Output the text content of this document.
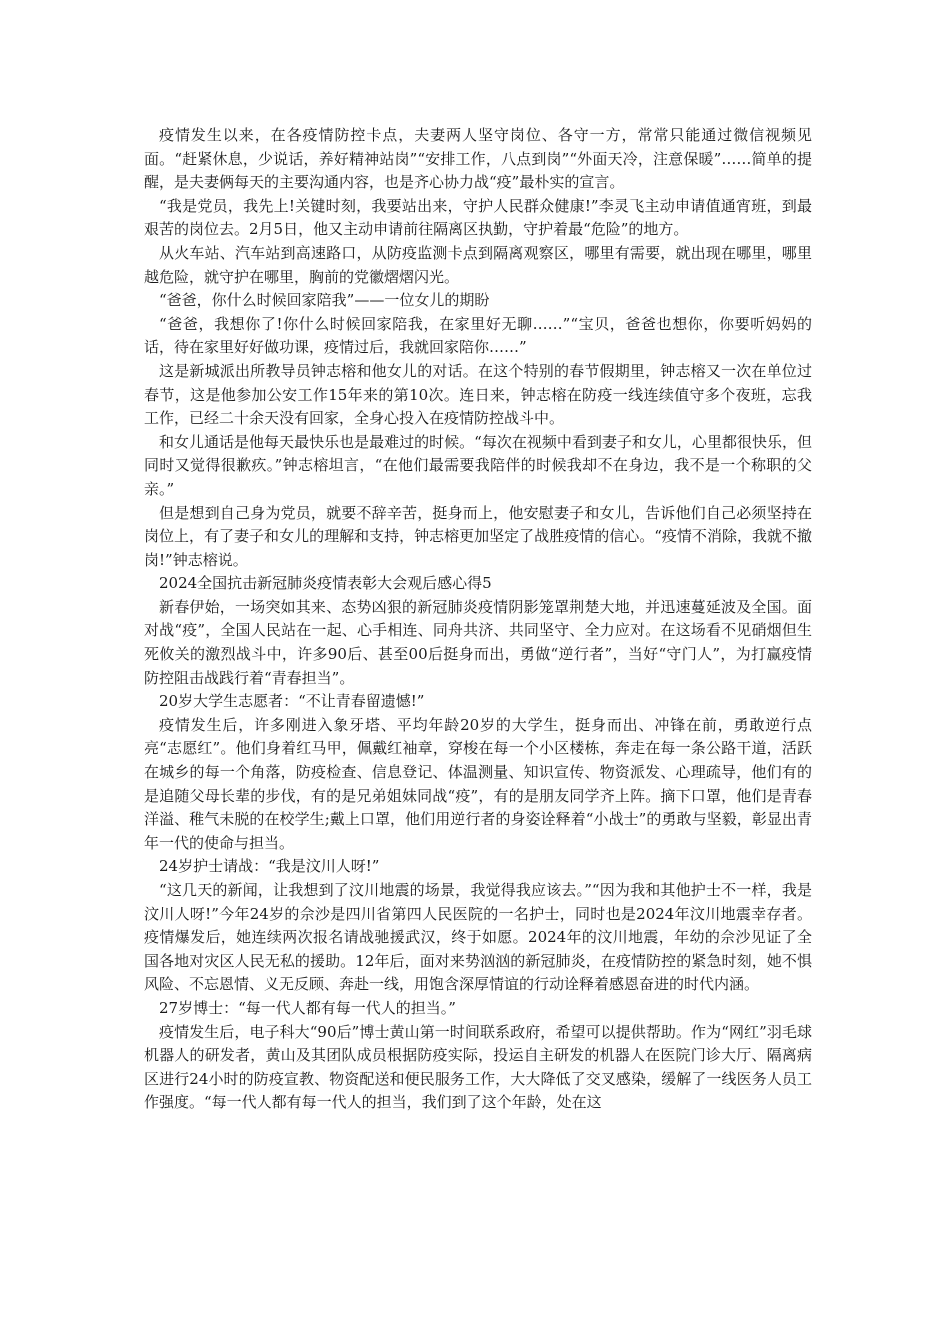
疫情发生以来，在各疫情防控卡点，夫妻两人坚守岗位、各守一方，常常只能通过微信视频见面。“赶紧休息，少说话，养好精神站岗”“安排工作，八点到岗”“外面天冷，注意保暖”……简单的提醒，是夫妻俩每天的主要沟通内容，也是齐心协力战“疫”最朴实的宣言。

“我是党员，我先上!关键时刻，我要站出来，守护人民群众健康!”李灵飞主动申请值通宵班，到最艰苦的岗位去。2月5日，他又主动申请前往隔离区执勤，守护着最“危险”的地方。

从火车站、汽车站到高速路口，从防疫监测卡点到隔离观察区，哪里有需要，就出现在哪里，哪里越危险，就守护在哪里，胸前的党徽熠熠闪光。

“爸爸，你什么时候回家陪我”——一位女儿的期盼

“爸爸，我想你了!你什么时候回家陪我，在家里好无聊……”“宝贝，爸爸也想你，你要听妈妈的话，待在家里好好做功课，疫情过后，我就回家陪你……”

这是新城派出所教导员钟志榕和他女儿的对话。在这个特别的春节假期里，钟志榕又一次在单位过春节，这是他参加公安工作15年来的第10次。连日来，钟志榕在防疫一线连续值守多个夜班，忘我工作，已经二十余天没有回家，全身心投入在疫情防控战斗中。

和女儿通话是他每天最快乐也是最难过的时候。“每次在视频中看到妻子和女儿，心里都很快乐，但同时又觉得很歉疚。”钟志榕坦言，“在他们最需要我陪伴的时候我却不在身边，我不是一个称职的父亲。”

但是想到自己身为党员，就要不辞辛苦，挺身而上，他安慰妻子和女儿，告诉他们自己必须坚持在岗位上，有了妻子和女儿的理解和支持，钟志榕更加坚定了战胜疫情的信心。“疫情不消除，我就不撤岗!”钟志榕说。

2024全国抗击新冠肺炎疫情表彰大会观后感心得5

新春伊始，一场突如其来、态势凶狠的新冠肺炎疫情阴影笼罩荆楚大地，并迅速蔓延波及全国。面对战“疫”，全国人民站在一起、心手相连、同舟共济、共同坚守、全力应对。在这场看不见硝烟但生死攸关的激烈战斗中，许多90后、甚至00后挺身而出，勇做“逆行者”，当好“守门人”，为打赢疫情防控阻击战践行着“青春担当”。

20岁大学生志愿者：“不让青春留遗憾!”

疫情发生后，许多刚进入象牙塔、平均年龄20岁的大学生，挺身而出、冲锋在前，勇敢逆行点亮“志愿红”。他们身着红马甲，佩戴红袖章，穿梭在每一个小区楼栋，奔走在每一条公路干道，活跃在城乡的每一个角落，防疫检查、信息登记、体温测量、知识宣传、物资派发、心理疏导，他们有的是追随父母长辈的步伐，有的是兄弟姐妹同战“疫”，有的是朋友同学齐上阵。摘下口罩，他们是青春洋溢、稚气未脱的在校学生;戴上口罩，他们用逆行者的身姿诠释着“小战士”的勇敢与坚毅，彰显出青年一代的使命与担当。

24岁护士请战：“我是汶川人呀!”

“这几天的新闻，让我想到了汶川地震的场景，我觉得我应该去。”“因为我和其他护士不一样，我是汶川人呀!”今年24岁的佘沙是四川省第四人民医院的一名护士，同时也是2024年汶川地震幸存者。疫情爆发后，她连续两次报名请战驰援武汉，终于如愿。2024年的汶川地震，年幼的佘沙见证了全国各地对灾区人民无私的援助。12年后，面对来势汹汹的新冠肺炎，在疫情防控的紧急时刻，她不惧风险、不忘恩情、义无反顾、奔赴一线，用饱含深厚情谊的行动诠释着感恩奋进的时代内涵。

27岁博士：“每一代人都有每一代人的担当。”

疫情发生后，电子科大“90后”博士黄山第一时间联系政府，希望可以提供帮助。作为“网红”羽毛球机器人的研发者，黄山及其团队成员根据防疫实际，投运自主研发的机器人在医院门诊大厅、隔离病区进行24小时的防疫宣教、物资配送和便民服务工作，大大降低了交叉感染，缓解了一线医务人员工作强度。“每一代人都有每一代人的担当，我们到了这个年龄，处在这
